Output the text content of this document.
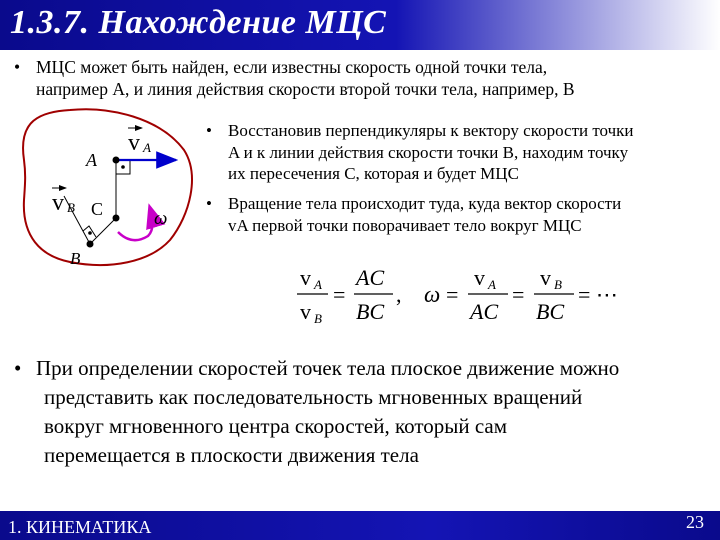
1.3.7. Нахождение МЦС
• МЦС может быть найден, если известны скорость одной точки тела,
например A, и линия действия скорости второй точки тела, например, B
A
C
B
ω
v A
v B
v A
v B
=
AC
BC
, ω =
v A
AC
=
v B
BC
= ⋯
• Восстановив перпендикуляры к вектору скорости точки
A и к линии действия скорости точки B, находим точку
их пересечения C, которая и будет МЦС
• Вращение тела происходит туда, куда вектор скорости
vA первой точки поворачивает тело вокруг МЦС
• При определении скоростей точек тела плоское движение можно
представить как последовательность мгновенных вращений
вокруг мгновенного центра скоростей, который сам
перемещается в плоскости движения тела
1. КИНЕМАТИКА	23
